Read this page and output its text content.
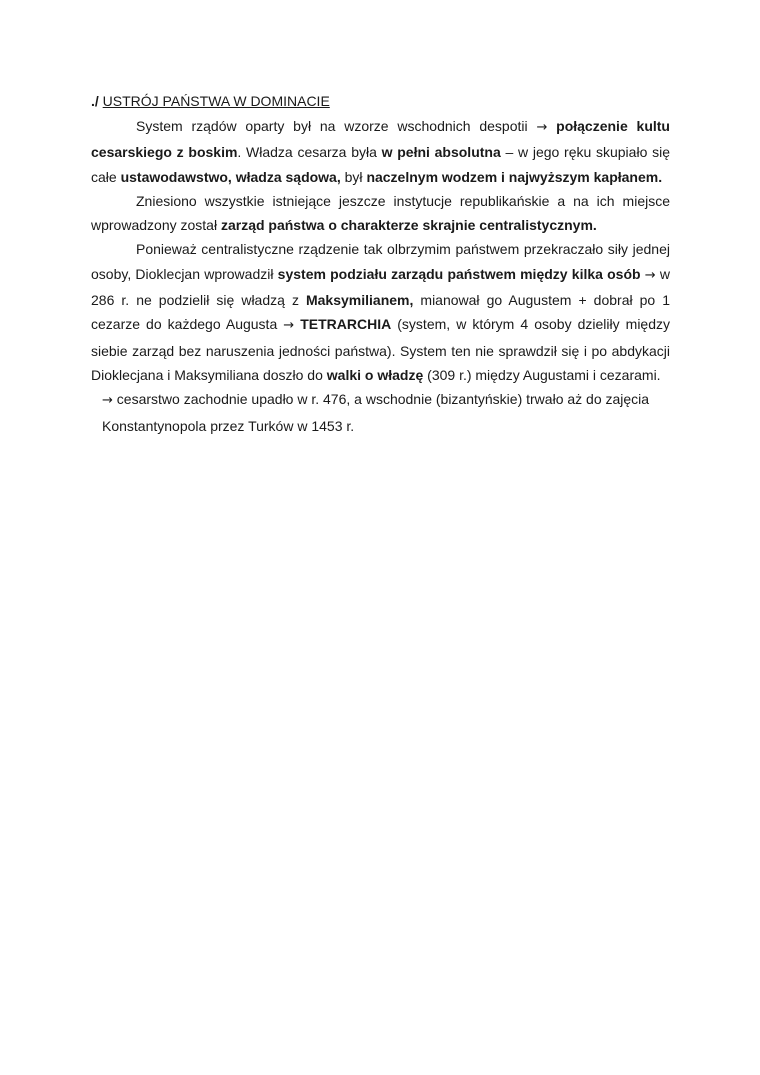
./ USTRÓJ PAŃSTWA W DOMINACIE

System rządów oparty był na wzorze wschodnich despotii → połączenie kultu cesarskiego z boskim. Władza cesarza była w pełni absolutna – w jego ręku skupiało się całe ustawodawstwo, władza sądowa, był naczelnym wodzem i najwyższym kapłanem.

Zniesiono wszystkie istniejące jeszcze instytucje republikańskie a na ich miejsce wprowadzony został zarząd państwa o charakterze skrajnie centralistycznym.

Ponieważ centralistyczne rządzenie tak olbrzymim państwem przekraczało siły jednej osoby, Dioklecjan wprowadził system podziału zarządu państwem między kilka osób → w 286 r. ne podzielił się władzą z Maksymilianem, mianował go Augustem + dobrał po 1 cezarze do każdego Augusta → TETRARCHIA (system, w którym 4 osoby dzieliły między siebie zarząd bez naruszenia jedności państwa). System ten nie sprawdził się i po abdykacji Dioklecjana i Maksymiliana doszło do walki o władzę (309 r.) między Augustami i cezarami.

→ cesarstwo zachodnie upadło w r. 476, a wschodnie (bizantyńskie) trwało aż do zajęcia Konstantynopola przez Turków w 1453 r.
